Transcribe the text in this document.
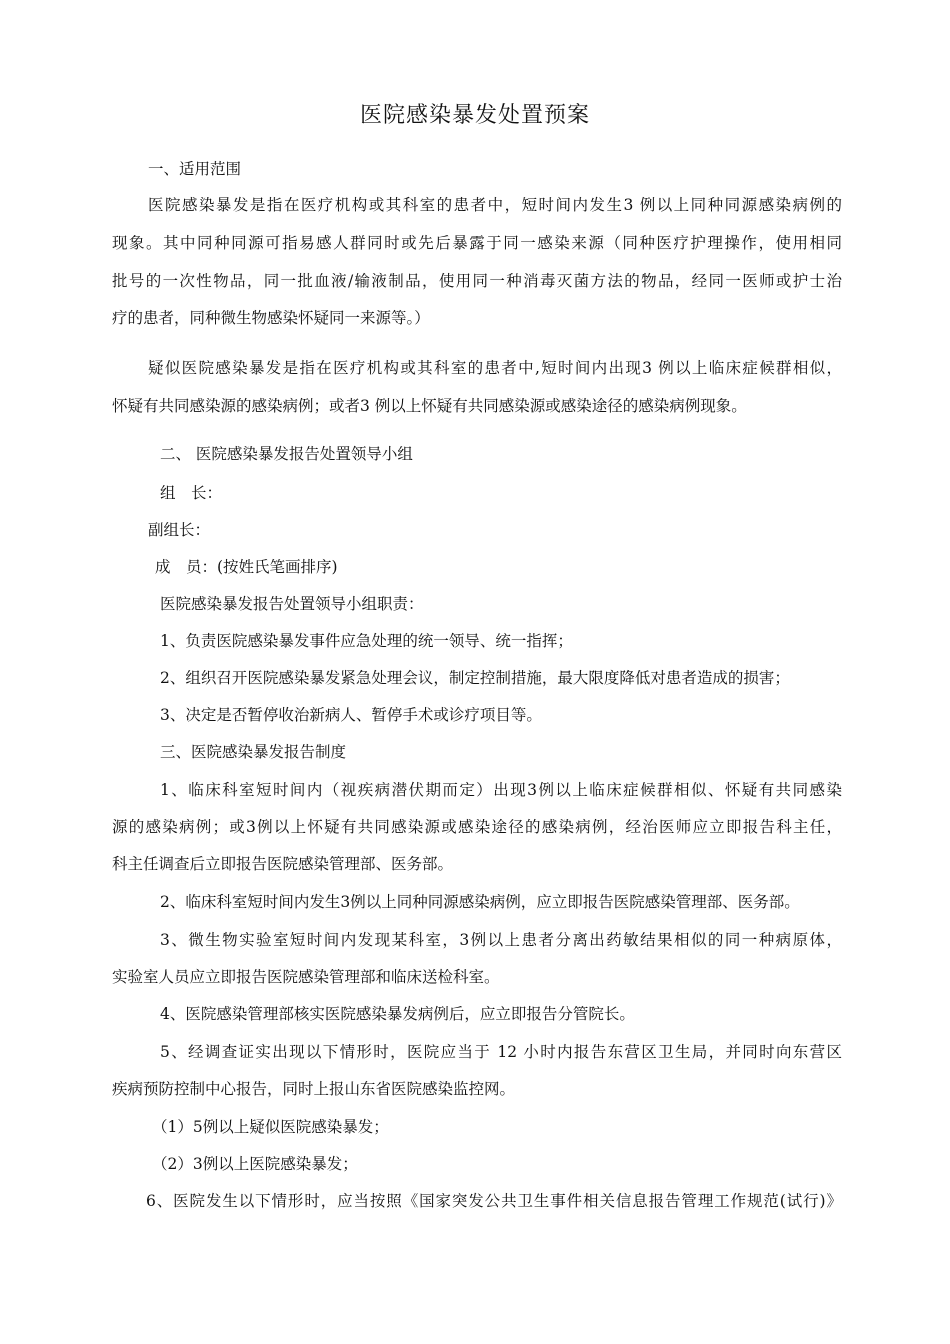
医院感染暴发处置预案
一、适用范围
医院感染暴发是指在医疗机构或其科室的患者中，短时间内发生3 例以上同种同源感染病例的
现象。其中同种同源可指易感人群同时或先后暴露于同一感染来源（同种医疗护理操作，使用相同
批号的一次性物品，同一批血液/输液制品，使用同一种消毒灭菌方法的物品，经同一医师或护士治
疗的患者，同种微生物感染怀疑同一来源等。）
疑似医院感染暴发是指在医疗机构或其科室的患者中,短时间内出现3 例以上临床症候群相似，
怀疑有共同感染源的感染病例；或者3 例以上怀疑有共同感染源或感染途径的感染病例现象。
二、 医院感染暴发报告处置领导小组
组　长：
副组长：
成　员：(按姓氏笔画排序)
医院感染暴发报告处置领导小组职责：
1、负责医院感染暴发事件应急处理的统一领导、统一指挥；
2、组织召开医院感染暴发紧急处理会议，制定控制措施，最大限度降低对患者造成的损害；
3、决定是否暂停收治新病人、暂停手术或诊疗项目等。
三、医院感染暴发报告制度
1、临床科室短时间内（视疾病潜伏期而定）出现3例以上临床症候群相似、怀疑有共同感染
源的感染病例；或3例以上怀疑有共同感染源或感染途径的感染病例，经治医师应立即报告科主任，
科主任调查后立即报告医院感染管理部、医务部。
2、临床科室短时间内发生3例以上同种同源感染病例，应立即报告医院感染管理部、医务部。
3、微生物实验室短时间内发现某科室，3例以上患者分离出药敏结果相似的同一种病原体，
实验室人员应立即报告医院感染管理部和临床送检科室。
4、医院感染管理部核实医院感染暴发病例后，应立即报告分管院长。
5、经调查证实出现以下情形时，医院应当于 12 小时内报告东营区卫生局，并同时向东营区
疾病预防控制中心报告，同时上报山东省医院感染监控网。
（1）5例以上疑似医院感染暴发；
（2）3例以上医院感染暴发；
6、医院发生以下情形时，应当按照《国家突发公共卫生事件相关信息报告管理工作规范(试行)》
